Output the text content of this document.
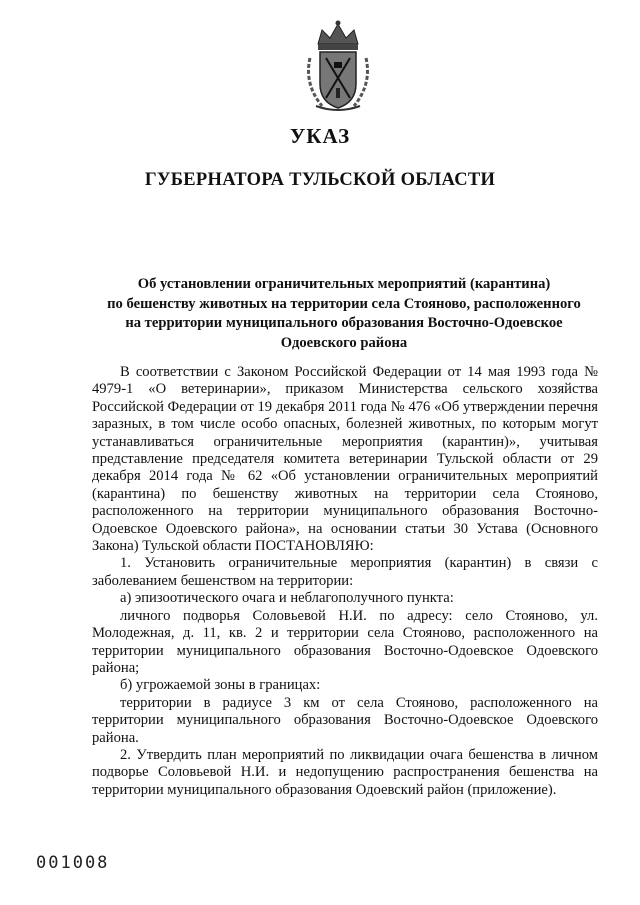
УКАЗ
ГУБЕРНАТОРА ТУЛЬСКОЙ ОБЛАСТИ
Об установлении ограничительных мероприятий (карантина)
по бешенству животных на территории села Стояново, расположенного
на территории муниципального образования Восточно-Одоевское
Одоевского района

В соответствии с Законом Российской Федерации от 14 мая 1993 года № 4979-1 «О ветеринарии», приказом Министерства сельского хозяйства Российской Федерации от 19 декабря 2011 года № 476 «Об утверждении перечня заразных, в том числе особо опасных, болезней животных, по которым могут устанавливаться ограничительные мероприятия (карантин)», учитывая представление председателя комитета ветеринарии Тульской области от 29 декабря 2014 года № 62 «Об установлении ограничительных мероприятий (карантина) по бешенству животных на территории села Стояново, расположенного на территории муниципального образования Восточно-Одоевское Одоевского района», на основании статьи 30 Устава (Основного Закона) Тульской области ПОСТАНОВЛЯЮ:

1. Установить ограничительные мероприятия (карантин) в связи с заболеванием бешенством на территории:

а) эпизоотического очага и неблагополучного пункта:

личного подворья Соловьевой Н.И. по адресу: село Стояново, ул. Молодежная, д. 11, кв. 2 и территории села Стояново, расположенного на территории муниципального образования Восточно-Одоевское Одоевского района;

б) угрожаемой зоны в границах:

территории в радиусе 3 км от села Стояново, расположенного на территории муниципального образования Восточно-Одоевское Одоевского района.

2. Утвердить план мероприятий по ликвидации очага бешенства в личном подворье Соловьевой Н.И. и недопущению распространения бешенства на территории муниципального образования Одоевский район (приложение).

001008
